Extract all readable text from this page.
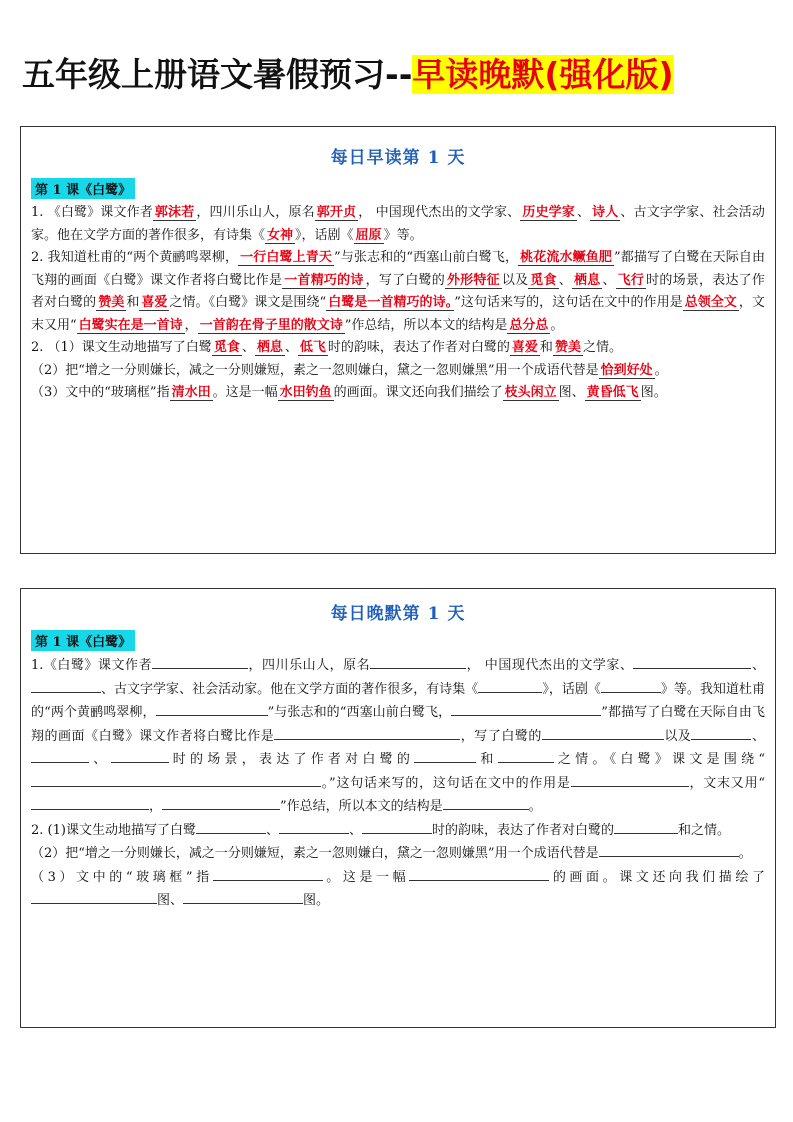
五年级上册语文暑假预习--早读晚默(强化版)
每日早读第 1 天
第 1 课《白鹭》

1. 《白鹭》课文作者 郭沫若 ，四川乐山人，原名 郭开贞 ， 中国现代杰出的文学家、 历史学家 、 诗人 、古文字学家、社会活动家。他在文学方面的著作很多，有诗集《 女神 》，话剧《 屈原 》等。

2. 我知道杜甫的“两个黄鹂鸣翠柳， 一行白鹭上青天 ”与张志和的“西塞山前白鹭飞， 桃花流水鳜鱼肥 ”都描写了白鹭在天际自由飞翔的画面《白鹭》课文作者将白鹭比作是 一首精巧的诗 ，写了白鹭的 外形特征 以及 觅食 、 栖息 、 飞行 时的场景，表达了作者对白鹭的 赞美 和 喜爱 之情。《白鹭》课文是围绕“ 白鹭是一首精巧的诗。 ”这句话来写的，这句话在文中的作用是 总领全文 ，文末又用“ 白鹭实在是一首诗 ， 一首韵在骨子里的散文诗 ”作总结，所以本文的结构是 总分总 。

2. （1）课文生动地描写了白鹭 觅食 、 栖息 、 低飞 时的韵味，表达了作者对白鹭的 喜爱 和 赞美 之情。

（2）把“增之一分则嫌长，减之一分则嫌短，素之一忽则嫌白，黛之一忽则嫌黑”用一个成语代替是 恰到好处 。

（3）文中的“玻璃框”指 清水田 。这是一幅 水田钓鱼 的画面。课文还向我们描绘了 枝头闲立 图、 黄昏低飞 图。

每日晚默第 1 天
第 1 课《白鹭》

1.《白鹭》课文作者	，四川乐山人，原名	， 中国现代杰出的文学家、	、、古文字学家、社会活动家。他在文学方面的著作很多，有诗集《	》，话剧《	》等。我知道杜甫的“两个黄鹂鸣翠柳，	”与张志和的“西塞山前白鹭飞，	”都描写了白鹭在天际自由飞翔的画面《白鹭》课文作者将白鹭比作是	，写了白鹭的	以及	、、	时的场景，表达了作者对白鹭的	和	之情。《白鹭》课文是围绕“。”这句话来写的，这句话在文中的作用是	，文末又用“，	”作总结，所以本文的结构是	。

2. (1)课文生动地描写了白鹭	、	、	时的韵味，表达了作者对白鹭的	和之情。

（2）把“增之一分则嫌长，减之一分则嫌短，素之一忽则嫌白，黛之一忽则嫌黑”用一个成语代替是	。

（3）文中的“玻璃框”指	。这是一幅	的画面。课文还向我们描绘了图、	图。
